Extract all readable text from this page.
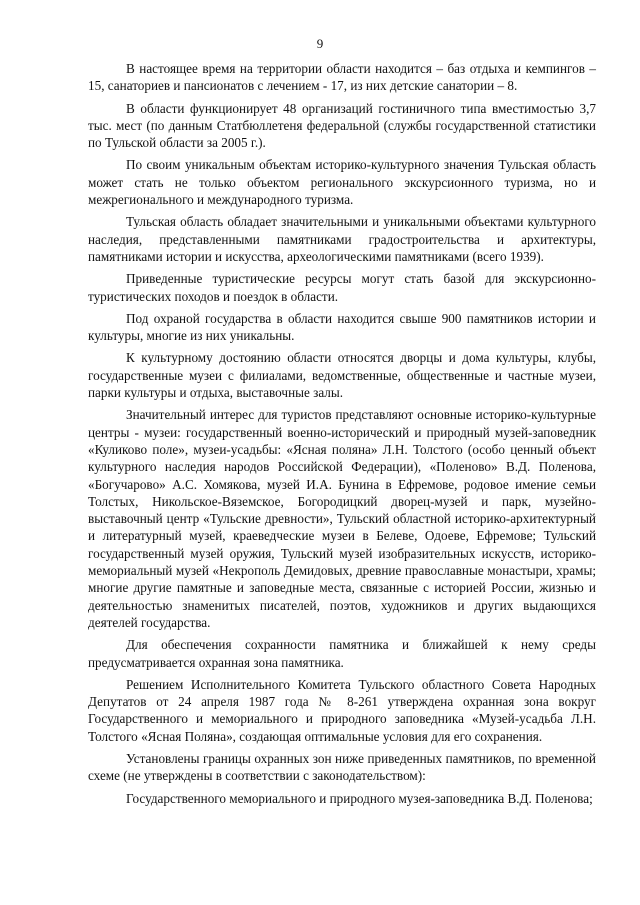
9

В настоящее время на территории области находится – баз отдыха и кемпингов – 15, санаториев и пансионатов с лечением - 17, из них детские санатории – 8.

В области функционирует 48 организаций гостиничного типа вместимостью 3,7 тыс. мест (по данным Статбюллетеня федеральной (службы государственной статистики по Тульской области за 2005 г.).

По своим уникальным объектам историко-культурного значения Тульская область может стать не только объектом регионального экскурсионного туризма, но и межрегионального и международного туризма.

Тульская область обладает значительными и уникальными объектами культурного наследия, представленными памятниками градостроительства и архитектуры, памятниками истории и искусства, археологическими памятниками (всего 1939).

Приведенные туристические ресурсы могут стать базой для экскурсионно-туристических походов и поездок в области.

Под охраной государства в области находится свыше 900 памятников истории и культуры, многие из них уникальны.

К культурному достоянию области относятся дворцы и дома культуры, клубы, государственные музеи с филиалами, ведомственные, общественные и частные музеи, парки культуры и отдыха, выставочные залы.

Значительный интерес для туристов представляют основные историко-культурные центры - музеи: государственный военно-исторический и природный музей-заповедник «Куликово поле», музеи-усадьбы: «Ясная поляна» Л.Н. Толстого (особо ценный объект культурного наследия народов Российской Федерации), «Поленово» В.Д. Поленова, «Богучарово» А.С. Хомякова, музей И.А. Бунина в Ефремове, родовое имение семьи Толстых, Никольское-Вяземское, Богородицкий дворец-музей и парк, музейно-выставочный центр «Тульские древности», Тульский областной историко-архитектурный и литературный музей, краеведческие музеи в Белеве, Одоеве, Ефремове; Тульский государственный музей оружия, Тульский музей изобразительных искусств, историко-мемориальный музей «Некрополь Демидовых, древние православные монастыри, храмы; многие другие памятные и заповедные места, связанные с историей России, жизнью и деятельностью знаменитых писателей, поэтов, художников и других выдающихся деятелей государства.

Для обеспечения сохранности памятника и ближайшей к нему среды предусматривается охранная зона памятника.

Решением Исполнительного Комитета Тульского областного Совета Народных Депутатов от 24 апреля 1987 года № 8-261 утверждена охранная зона вокруг Государственного и мемориального и природного заповедника «Музей-усадьба Л.Н. Толстого «Ясная Поляна», создающая оптимальные условия для его сохранения.

Установлены границы охранных зон ниже приведенных памятников, по временной схеме (не утверждены в соответствии с законодательством):

Государственного мемориального и природного музея-заповедника В.Д. Поленова;
